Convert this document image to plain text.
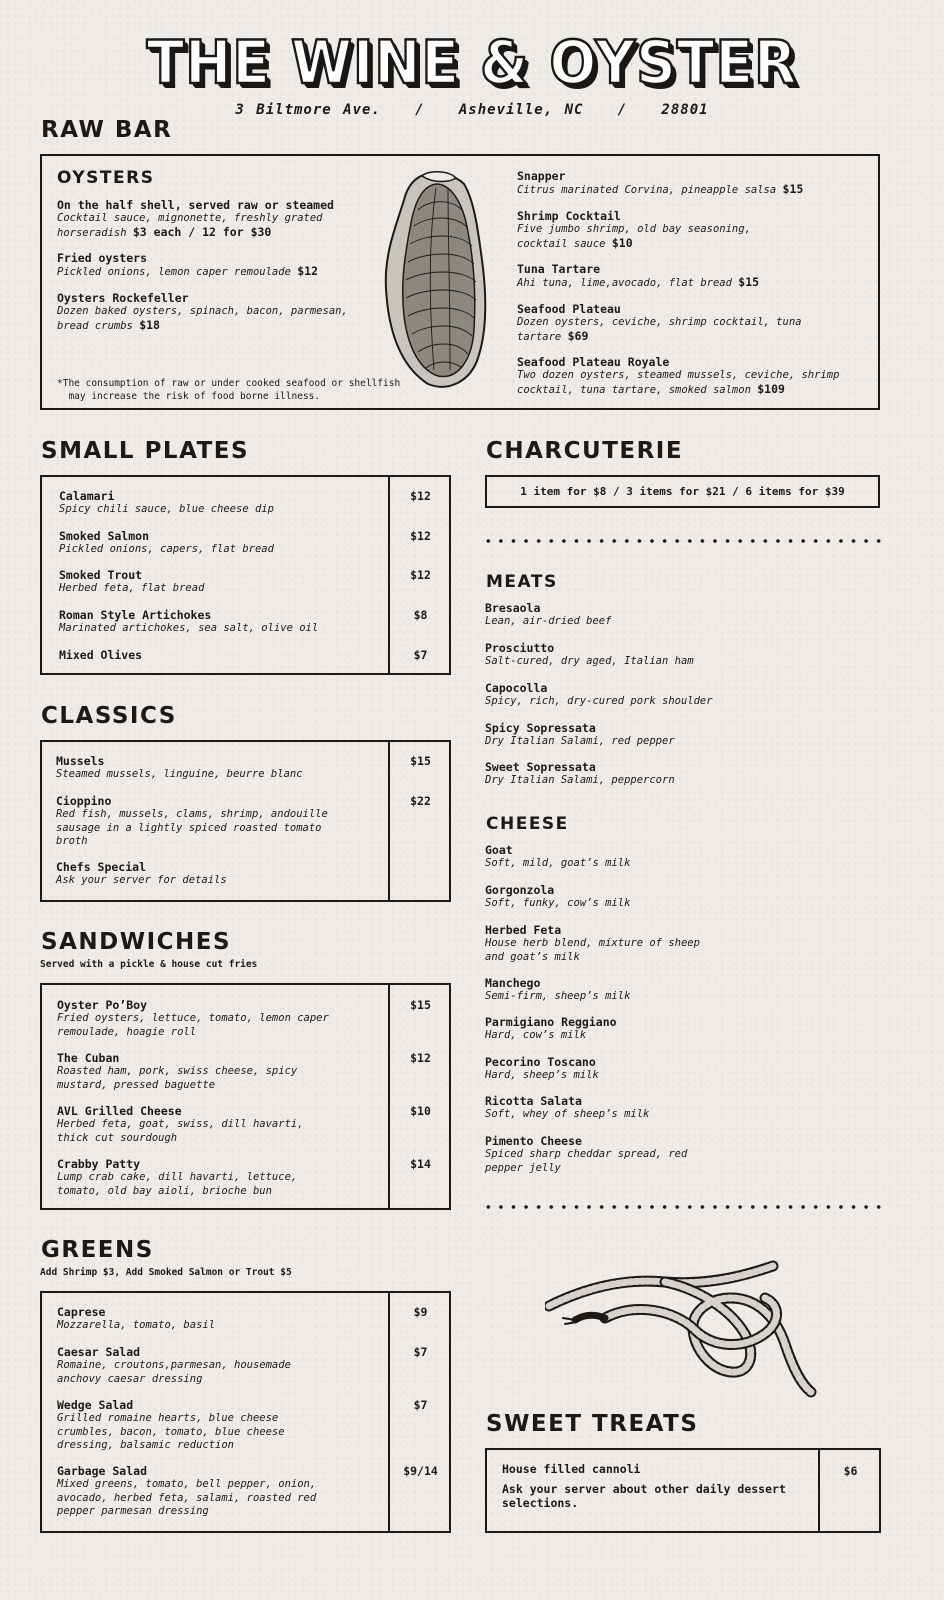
THE WINE & OYSTER
3 Biltmore Ave.   /   Asheville, NC   /   28801
RAW BAR
OYSTERS
On the half shell, served raw or steamed
Cocktail sauce, mignonette, freshly grated horseradish $3 each / 12 for $30
Fried oysters
Pickled onions, lemon caper remoulade $12
Oysters Rockefeller
Dozen baked oysters, spinach, bacon, parmesan, bread crumbs $18
*The consumption of raw or under cooked seafood or shellfish
may increase the risk of food borne illness.
Snapper
Citrus marinated Corvina, pineapple salsa $15
Shrimp Cocktail
Five jumbo shrimp, old bay seasoning, cocktail sauce $10
Tuna Tartare
Ahi tuna, lime,avocado, flat bread $15
Seafood Plateau
Dozen oysters, ceviche, shrimp cocktail, tuna tartare $69
Seafood Plateau Royale
Two dozen oysters, steamed mussels, ceviche, shrimp cocktail, tuna tartare, smoked salmon $109
SMALL PLATES
Calamari
Spicy chili sauce, blue cheese dip
$12
Smoked Salmon
Pickled onions, capers, flat bread
$12
Smoked Trout
Herbed feta, flat bread
$12
Roman Style Artichokes
Marinated artichokes, sea salt, olive oil
$8
Mixed Olives	$7
CLASSICS
Mussels
Steamed mussels, linguine, beurre blanc
$15
Cioppino
Red fish, mussels, clams, shrimp, andouille sausage in a lightly spiced roasted tomato broth
$22
Chefs Special
Ask your server for details
SANDWICHES
Served with a pickle & house cut fries
Oyster Po’Boy
Fried oysters, lettuce, tomato, lemon caper remoulade, hoagie roll
$15
The Cuban
Roasted ham, pork, swiss cheese, spicy mustard, pressed baguette
$12
AVL Grilled Cheese
Herbed feta, goat, swiss, dill havarti, thick cut sourdough
$10
Crabby Patty
Lump crab cake, dill havarti, lettuce, tomato, old bay aioli, brioche bun
$14
GREENS
Add Shrimp $3, Add Smoked Salmon or Trout $5
Caprese
Mozzarella, tomato, basil
$9
Caesar Salad
Romaine, croutons,parmesan, housemade anchovy caesar dressing
$7
Wedge Salad
Grilled romaine hearts, blue cheese crumbles, bacon, tomato, blue cheese dressing, balsamic reduction
$7
Garbage Salad
Mixed greens, tomato, bell pepper, onion, avocado, herbed feta, salami, roasted red pepper parmesan dressing
$9/14
CHARCUTERIE
1 item for $8 / 3 items for $21 / 6 items for $39
MEATS
Bresaola
Lean, air-dried beef
Prosciutto
Salt-cured, dry aged, Italian ham
Capocolla
Spicy, rich, dry-cured pork shoulder
Spicy Sopressata
Dry Italian Salami, red pepper
Sweet Sopressata
Dry Italian Salami, peppercorn
CHEESE
Goat
Soft, mild, goat’s milk
Gorgonzola
Soft, funky, cow’s milk
Herbed Feta
House herb blend, mixture of sheep and goat’s milk
Manchego
Semi-firm, sheep’s milk
Parmigiano Reggiano
Hard, cow’s milk
Pecorino Toscano
Hard, sheep’s milk
Ricotta Salata
Soft, whey of sheep’s milk
Pimento Cheese
Spiced sharp cheddar spread, red pepper jelly
SWEET TREATS
House filled cannoli
Ask your server about other daily dessert selections.
$6
